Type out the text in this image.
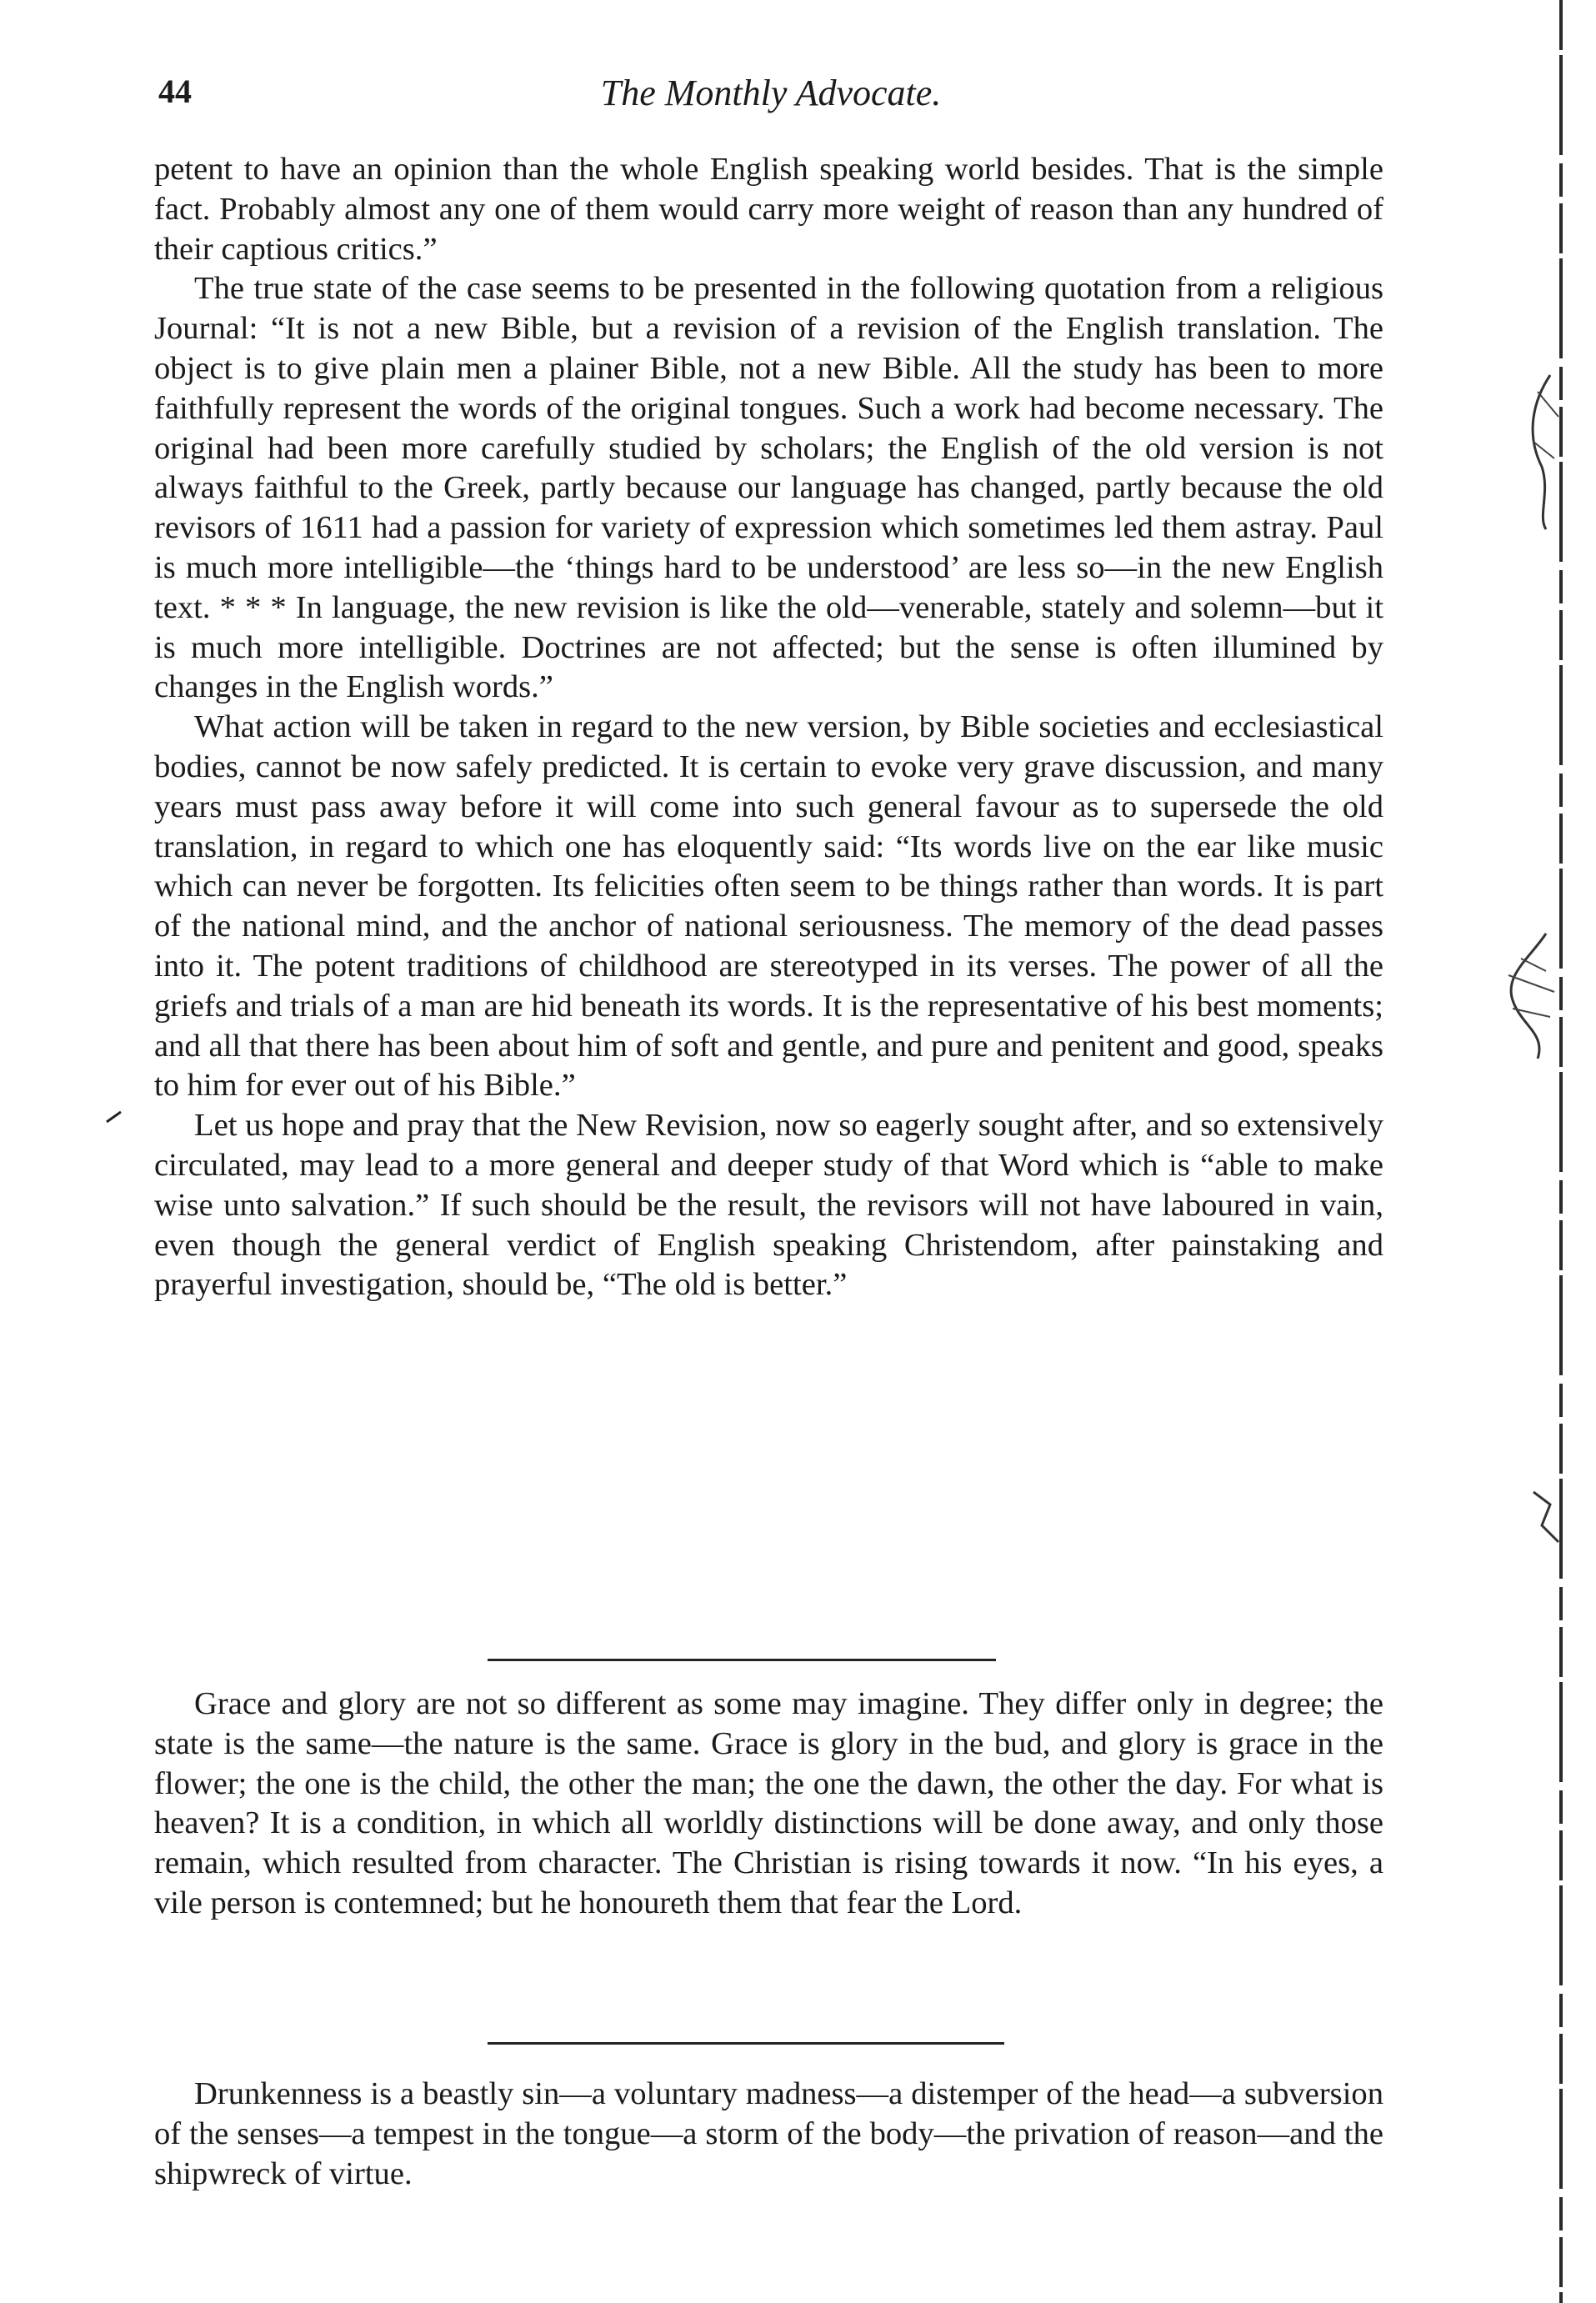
44	The Monthly Advocate.

petent to have an opinion than the whole English speaking world besides. That is the simple fact. Probably almost any one of them would carry more weight of reason than any hundred of their captious critics.”

The true state of the case seems to be presented in the following quotation from a religious Journal: “It is not a new Bible, but a revision of a revision of the English translation. The object is to give plain men a plainer Bible, not a new Bible. All the study has been to more faithfully represent the words of the original tongues. Such a work had become necessary. The original had been more carefully studied by scholars; the English of the old version is not always faithful to the Greek, partly because our language has changed, partly because the old revisors of 1611 had a passion for variety of expression which sometimes led them astray. Paul is much more intelligible—the ‘things hard to be understood’ are less so—in the new English text. * * * In language, the new revision is like the old—venerable, stately and solemn—but it is much more intelligible. Doctrines are not affected; but the sense is often illumined by changes in the English words.”

What action will be taken in regard to the new version, by Bible societies and ecclesiastical bodies, cannot be now safely predicted. It is certain to evoke very grave discussion, and many years must pass away before it will come into such general favour as to supersede the old translation, in regard to which one has eloquently said: “Its words live on the ear like music which can never be forgotten. Its felicities often seem to be things rather than words. It is part of the national mind, and the anchor of national seriousness. The memory of the dead passes into it. The potent traditions of childhood are stereotyped in its verses. The power of all the griefs and trials of a man are hid beneath its words. It is the representative of his best moments; and all that there has been about him of soft and gentle, and pure and penitent and good, speaks to him for ever out of his Bible.”

Let us hope and pray that the New Revision, now so eagerly sought after, and so extensively circulated, may lead to a more general and deeper study of that Word which is “able to make wise unto salvation.” If such should be the result, the revisors will not have laboured in vain, even though the general verdict of English speaking Christendom, after painstaking and prayerful investigation, should be, “The old is better.”

Grace and glory are not so different as some may imagine. They differ only in degree; the state is the same—the nature is the same. Grace is glory in the bud, and glory is grace in the flower; the one is the child, the other the man; the one the dawn, the other the day. For what is heaven? It is a condition, in which all worldly distinctions will be done away, and only those remain, which resulted from character. The Christian is rising towards it now. “In his eyes, a vile person is contemned; but he honoureth them that fear the Lord.

Drunkenness is a beastly sin—a voluntary madness—a distemper of the head—a subversion of the senses—a tempest in the tongue—a storm of the body—the privation of reason—and the shipwreck of virtue.
